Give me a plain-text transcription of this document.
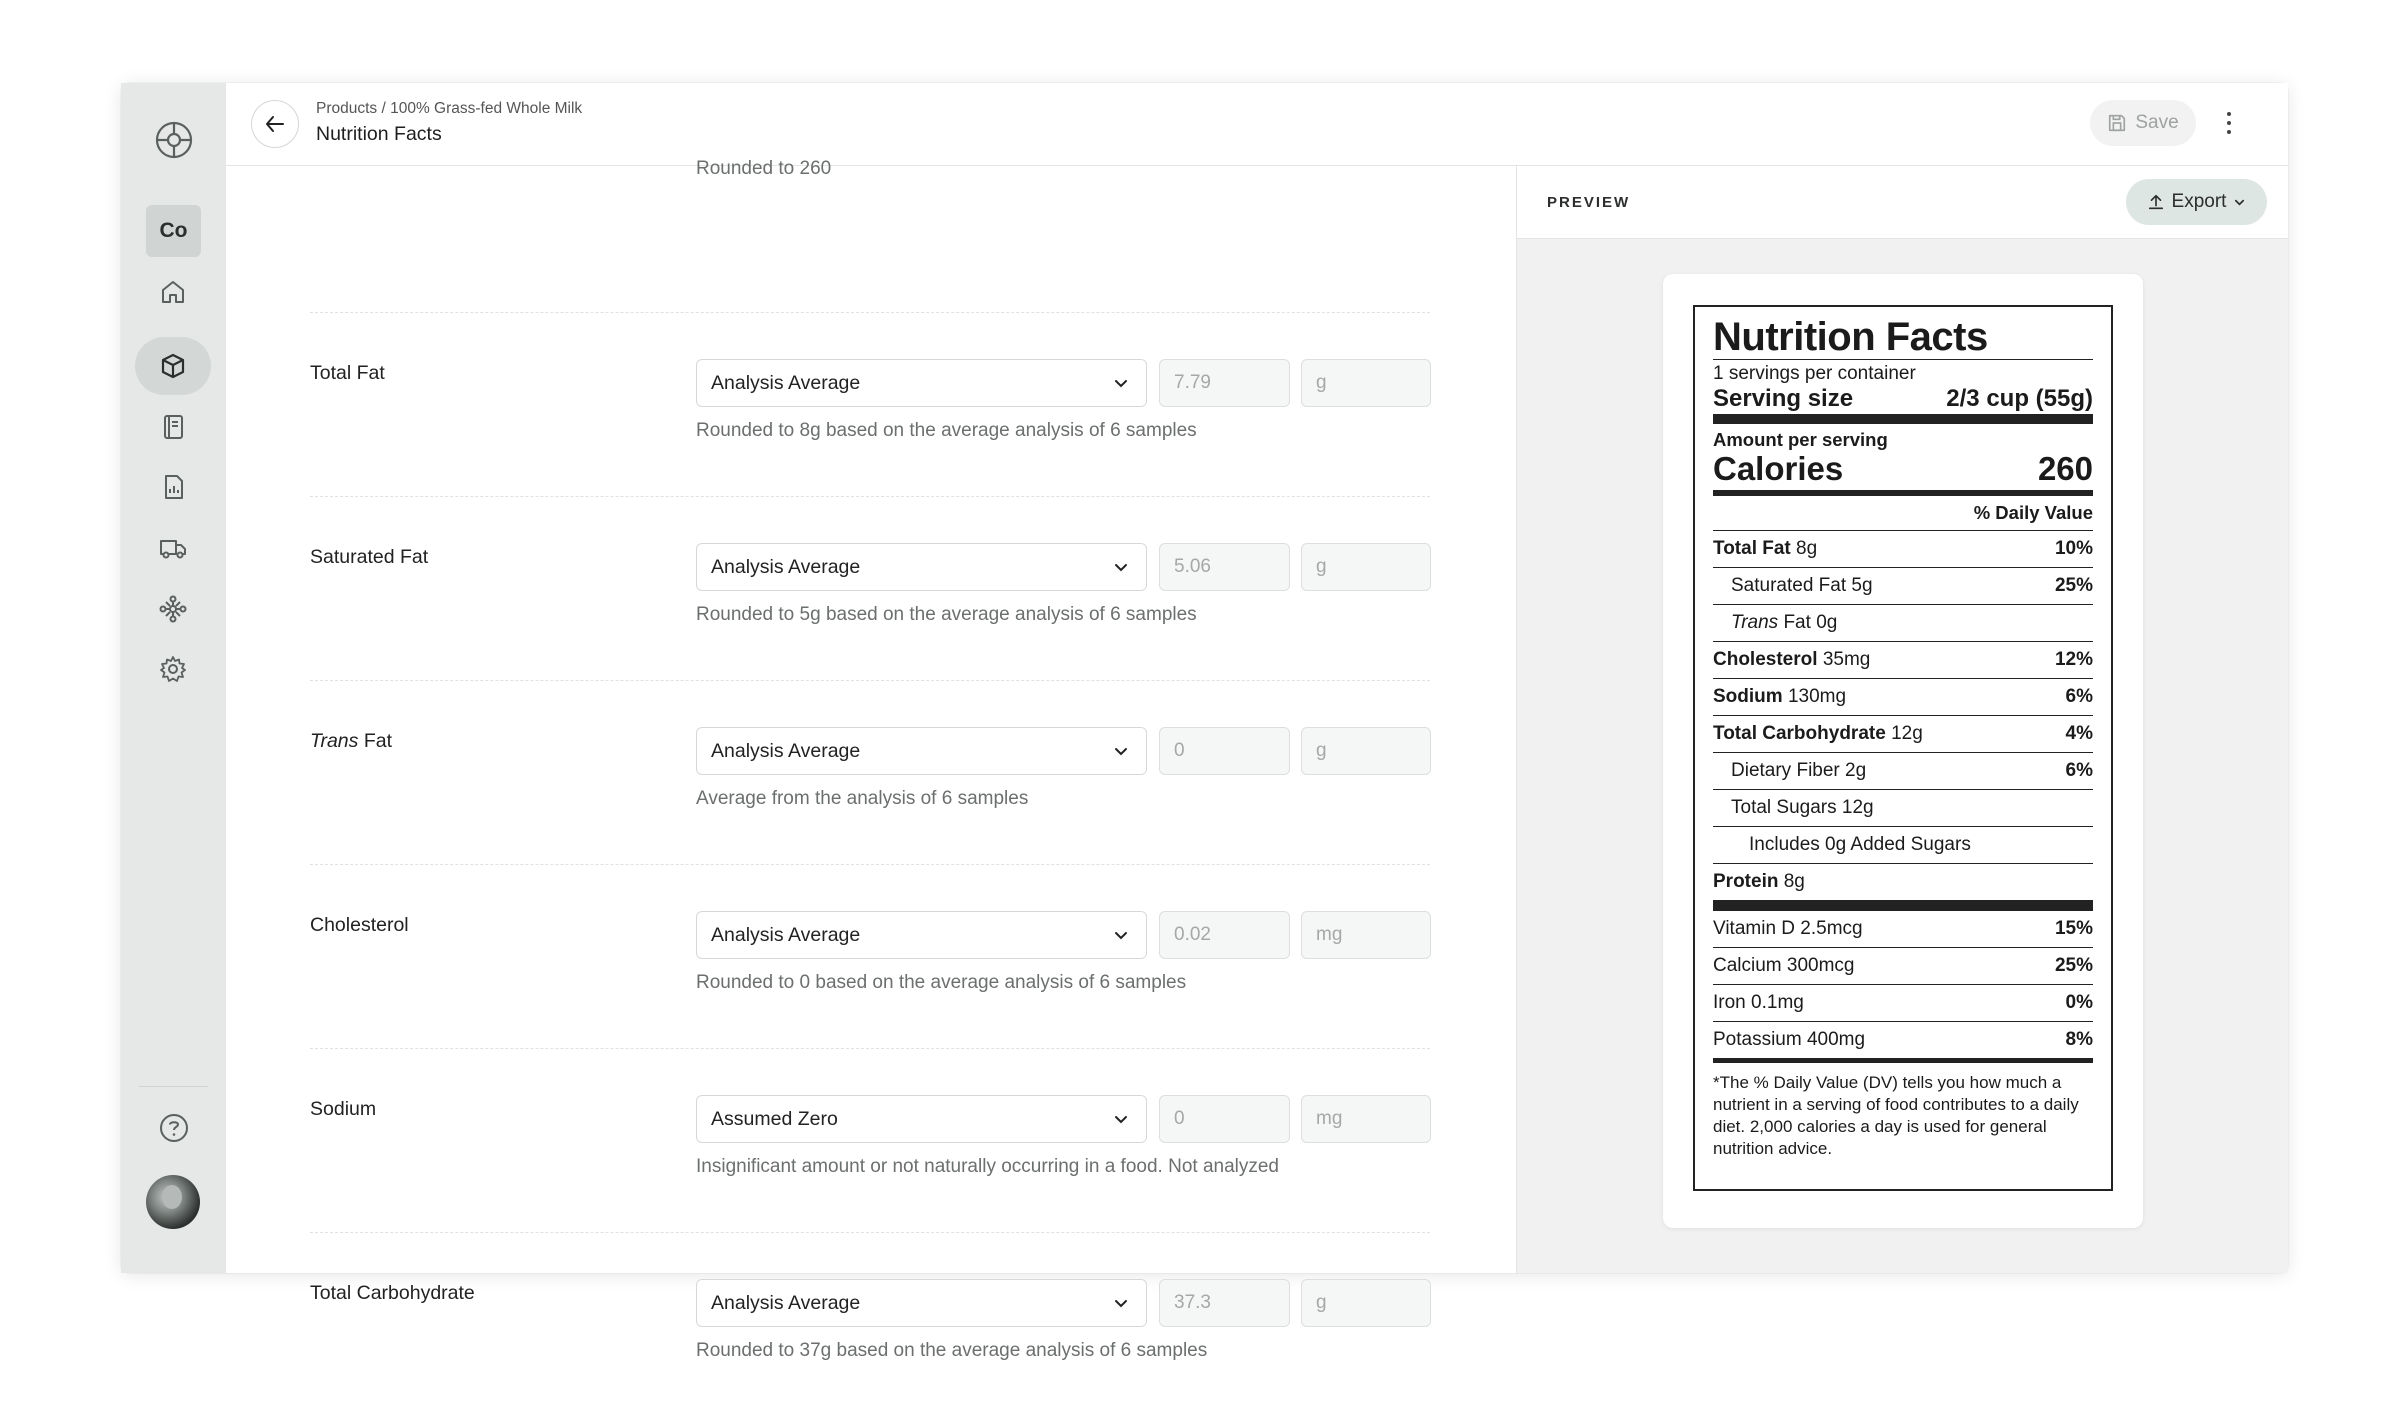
Co
Products / 100% Grass-fed Whole Milk
Nutrition Facts
Save
Rounded to 260
Total Fat	Analysis Average	7.79	g
Rounded to 8g based on the average analysis of 6 samples
Saturated Fat	Analysis Average	5.06	g
Rounded to 5g based on the average analysis of 6 samples
Trans Fat	Analysis Average	0	g
Average from the analysis of 6 samples
Cholesterol	Analysis Average	0.02	mg
Rounded to 0 based on the average analysis of 6 samples
Sodium	Assumed Zero	0	mg
Insignificant amount or not naturally occurring in a food. Not analyzed
Total Carbohydrate	Analysis Average	37.3	g
Rounded to 37g based on the average analysis of 6 samples
PREVIEW	Export
Nutrition Facts
1 servings per container
Serving size	2/3 cup (55g)
Amount per serving
Calories	260
% Daily Value
Total Fat 8g	10%
Saturated Fat 5g	25%
Trans Fat 0g
Cholesterol 35mg	12%
Sodium 130mg	6%
Total Carbohydrate 12g	4%
Dietary Fiber 2g	6%
Total Sugars 12g
Includes 0g Added Sugars
Protein 8g
Vitamin D 2.5mcg	15%
Calcium 300mcg	25%
Iron 0.1mg	0%
Potassium 400mg	8%
*The % Daily Value (DV) tells you how much a nutrient in a serving of food contributes to a daily diet. 2,000 calories a day is used for general nutrition advice.
